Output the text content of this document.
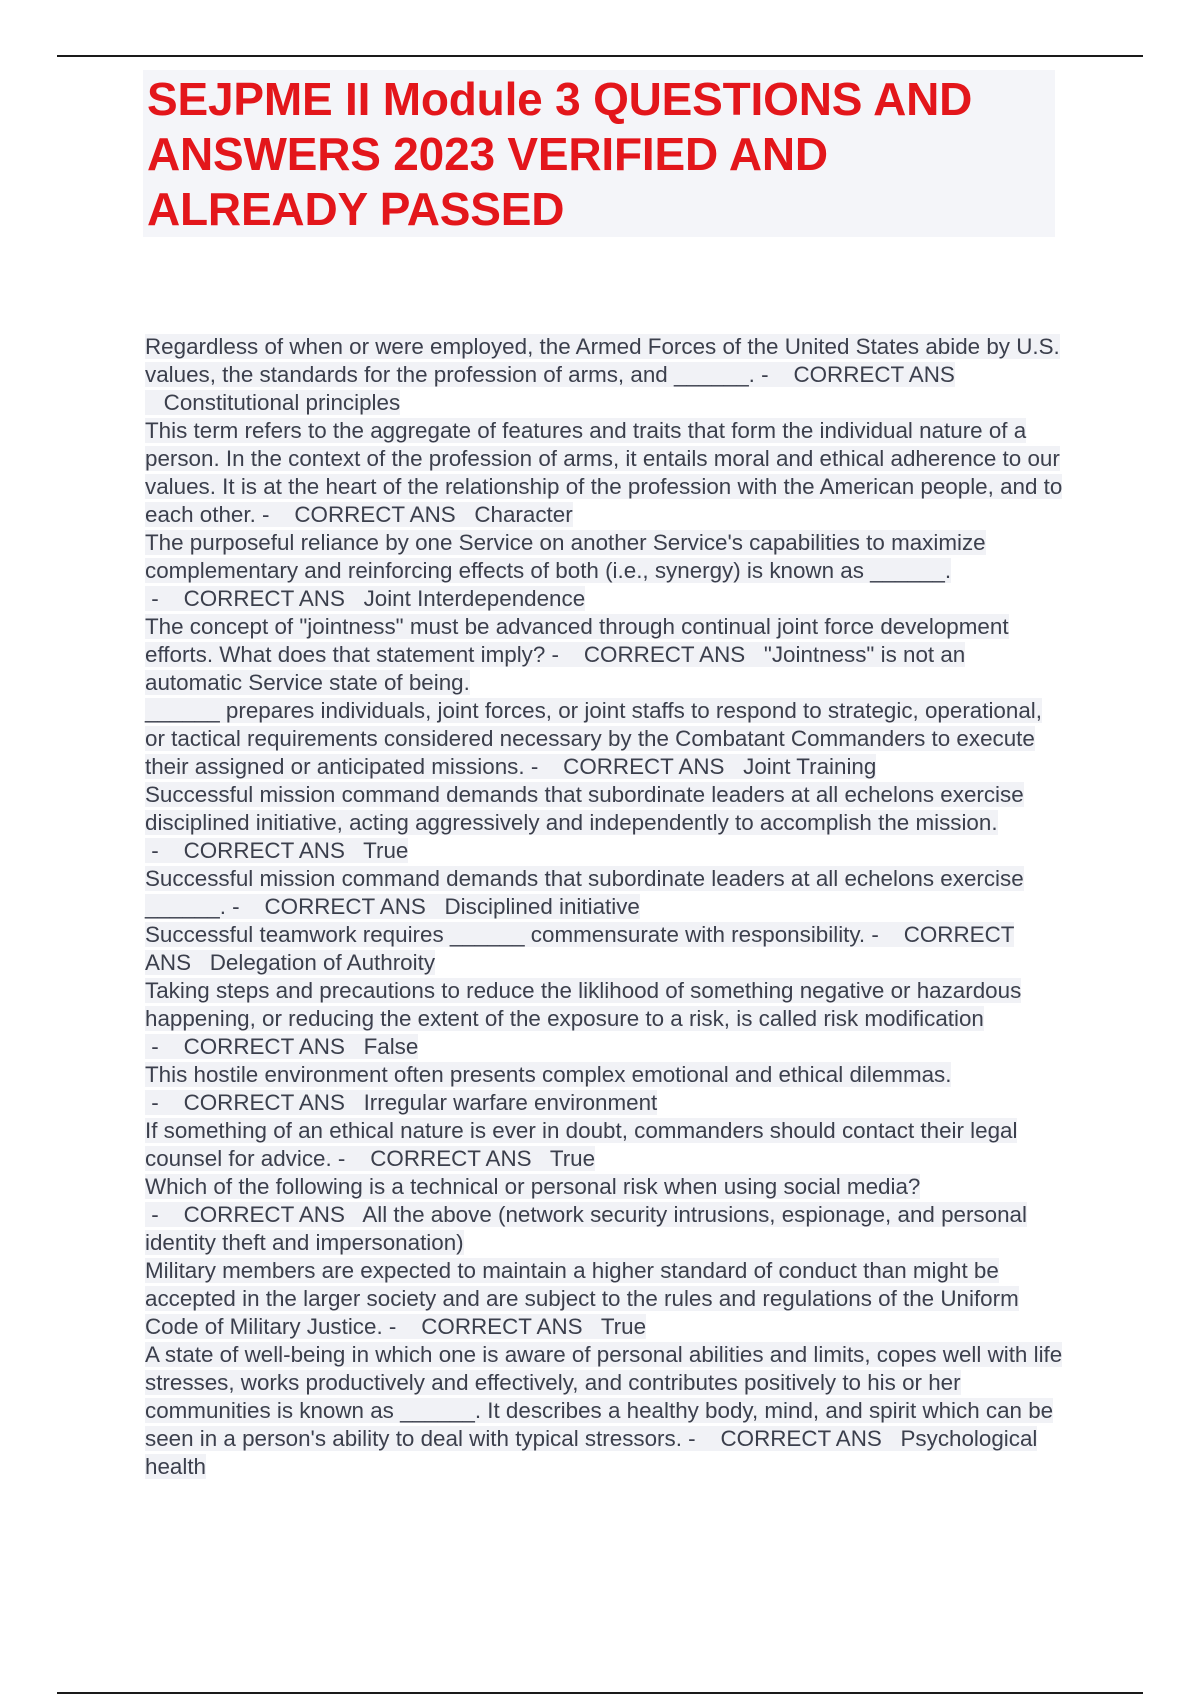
SEJPME II Module 3 QUESTIONS AND ANSWERS 2023 VERIFIED AND ALREADY PASSED
Regardless of when or were employed, the Armed Forces of the United States abide by U.S. values, the standards for the profession of arms, and ______. -    CORRECT ANS   Constitutional principles
This term refers to the aggregate of features and traits that form the individual nature of a person. In the context of the profession of arms, it entails moral and ethical adherence to our values. It is at the heart of the relationship of the profession with the American people, and to each other. -    CORRECT ANS Character
The purposeful reliance by one Service on another Service's capabilities to maximize complementary and reinforcing effects of both (i.e., synergy) is known as ______. -    CORRECT ANS Joint Interdependence
The concept of "jointness" must be advanced through continual joint force development efforts. What does that statement imply? -    CORRECT ANS "Jointness" is not an automatic Service state of being.
______ prepares individuals, joint forces, or joint staffs to respond to strategic, operational, or tactical requirements considered necessary by the Combatant Commanders to execute their assigned or anticipated missions. -    CORRECT ANS Joint Training
Successful mission command demands that subordinate leaders at all echelons exercise disciplined initiative, acting aggressively and independently to accomplish the mission. -    CORRECT ANS True
Successful mission command demands that subordinate leaders at all echelons exercise ______. -    CORRECT ANS Disciplined initiative
Successful teamwork requires ______ commensurate with responsibility. -    CORRECT ANS Delegation of Authroity
Taking steps and precautions to reduce the liklihood of something negative or hazardous happening, or reducing the extent of the exposure to a risk, is called risk modification -    CORRECT ANS False
This hostile environment often presents complex emotional and ethical dilemmas. -    CORRECT ANS Irregular warfare environment
If something of an ethical nature is ever in doubt, commanders should contact their legal counsel for advice. -    CORRECT ANS True
Which of the following is a technical or personal risk when using social media? -    CORRECT ANS All the above (network security intrusions, espionage, and personal identity theft and impersonation)
Military members are expected to maintain a higher standard of conduct than might be accepted in the larger society and are subject to the rules and regulations of the Uniform Code of Military Justice. -    CORRECT ANS True
A state of well-being in which one is aware of personal abilities and limits, copes well with life stresses, works productively and effectively, and contributes positively to his or her communities is known as ______. It describes a healthy body, mind, and spirit which can be seen in a person's ability to deal with typical stressors. -    CORRECT ANS Psychological health
